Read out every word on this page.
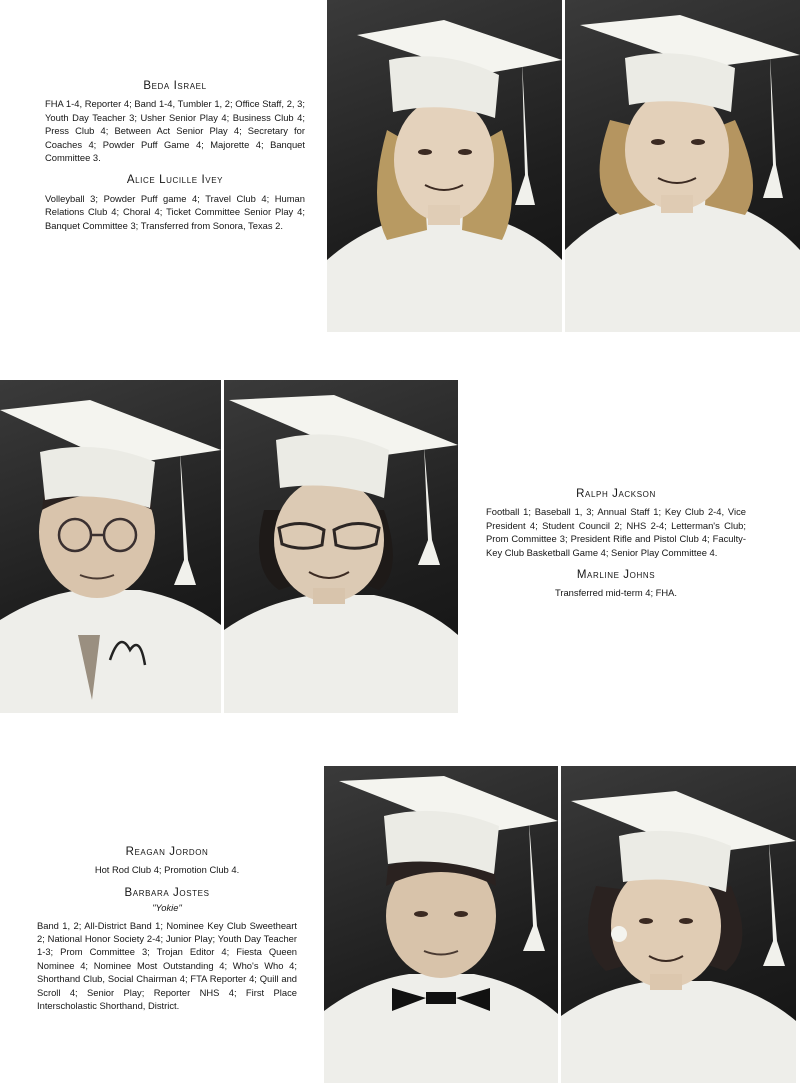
Beda Israel
FHA 1-4, Reporter 4; Band 1-4, Tumbler 1, 2; Office Staff, 2, 3; Youth Day Teacher 3; Usher Senior Play 4; Business Club 4; Press Club 4; Between Act Senior Play 4; Secretary for Coaches 4; Powder Puff Game 4; Majorette 4; Banquet Committee 3.
Alice Lucille Ivey
Volleyball 3; Powder Puff game 4; Travel Club 4; Human Relations Club 4; Choral 4; Ticket Committee Senior Play 4; Banquet Committee 3; Transferred from Sonora, Texas 2.
Ralph Jackson
Football 1; Baseball 1, 3; Annual Staff 1; Key Club 2-4, Vice President 4; Student Council 2; NHS 2-4; Letterman's Club; Prom Committee 3; President Rifle and Pistol Club 4; Faculty-Key Club Basketball Game 4; Senior Play Committee 4.
Marline Johns
Transferred mid-term 4; FHA.
Reagan Jordon
Hot Rod Club 4; Promotion Club 4.
Barbara Jostes
"Yokie"
Band 1, 2; All-District Band 1; Nominee Key Club Sweetheart 2; National Honor Society 2-4; Junior Play; Youth Day Teacher 1-3; Prom Committee 3; Trojan Editor 4; Fiesta Queen Nominee 4; Nominee Most Outstanding 4; Who's Who 4; Shorthand Club, Social Chairman 4; FTA Reporter 4; Quill and Scroll 4; Senior Play; Reporter NHS 4; First Place Interscholastic Shorthand, District.
